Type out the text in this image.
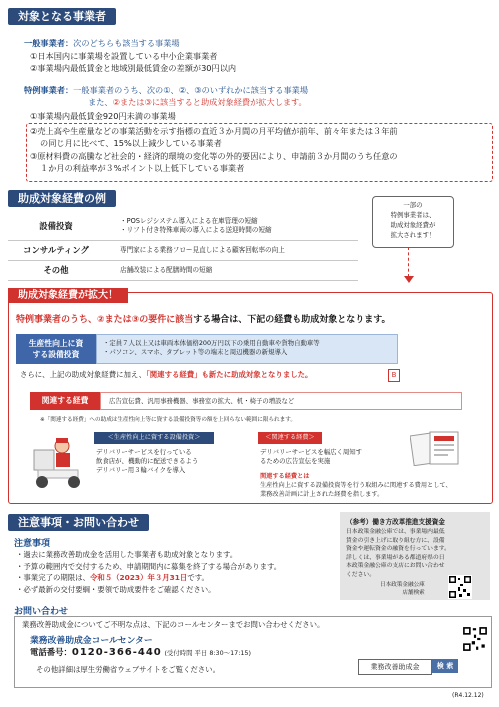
対象となる事業者
一般事業者：次のどちらも該当する事業場
①日本国内に事業場を設置している中小企業事業者
②事業場内最低賃金と地域別最低賃金の差額が30円以内
特例事業者：一般事業者のうち、次の①、②、③のいずれかに該当する事業場
また、②または③に該当すると助成対象経費が拡大します。
①事業場内最低賃金920円未満の事業場
②売上高や生産量などの事業活動を示す指標の直近３か月間の月平均値が前年、前々年または３年前
の同じ月に比べて、15%以上減少している事業者
③原材料費の高騰など社会的・経済的環境の変化等の外的要因により、申請前３か月間のうち任意の
１か月の利益率が３%ポイント以上低下している事業者
助成対象経費の例
設備投資	・POSレジシステム導入による在庫管理の短縮
・リフト付き特殊車両の導入による送迎時間の短縮
コンサルティング	専門家による業務フロー見直しによる顧客回転率の向上
その他	店舗改装による配膳時間の短縮
一部の
特例事業者は、
助成対象経費が
拡大されます！
助成対象経費が拡大！
特例事業者のうち、②または③の要件に該当する場合は、下記の経費も助成対象となります。
生産性向上に資
する設備投資
・定員７人以上又は車両本体価格200万円以下の乗用自動車や貨物自動車等
・パソコン、スマホ、タブレット等の端末と周辺機器の新規導入
さらに、上記の助成対象経費に加え、「関連する経費」も新たに助成対象となりました。	B
関連する経費	広告宣伝費、汎用事務機器、事務室の拡大、机・椅子の増設など
※「関連する経費」への助成は生産性向上等に資する設備投資等の額を上回らない範囲に限られます。
＜生産性向上に資する設備投資＞
デリバリーサービスを行っている
飲食店が、機動的に配送できるよう
デリバリー用３輪バイクを導入
＜関連する経費＞
デリバリーサービスを幅広く周知す
るための広告宣伝を実施
関連する経費とは
生産性向上に資する設備投資等を行う取組みに関連する費用として、
業務改善計画に計上された経費を指します。
注意事項・お問い合わせ
注意事項
・過去に業務改善助成金を活用した事業者も助成対象となります。
・予算の範囲内で交付するため、申請期間内に募集を終了する場合があります。
・事業完了の期限は、令和５（2023）年３月31日です。
・必ず最新の交付要綱・要領で助成要件をご確認ください。
（参考）働き方改革推進支援資金
日本政策金融公庫では、事業場内最低
賃金の引き上げに取り組む方に、設備
資金や運転資金の融資を行っています。
詳しくは、事業場がある都道府県の日
本政策金融公庫の支店にお問い合わせ
ください。
日本政策金融公庫
店舗検索
お問い合わせ
業務改善助成金についてご不明な点は、下記のコールセンターまでお問い合わせください。
業務改善助成金コールセンター
電話番号：0120-366-440 (受付時間 平日 8:30〜17:15)
その他詳細は厚生労働省ウェブサイトをご覧ください。	業務改善助成金	検 索
(R4.12.12)
